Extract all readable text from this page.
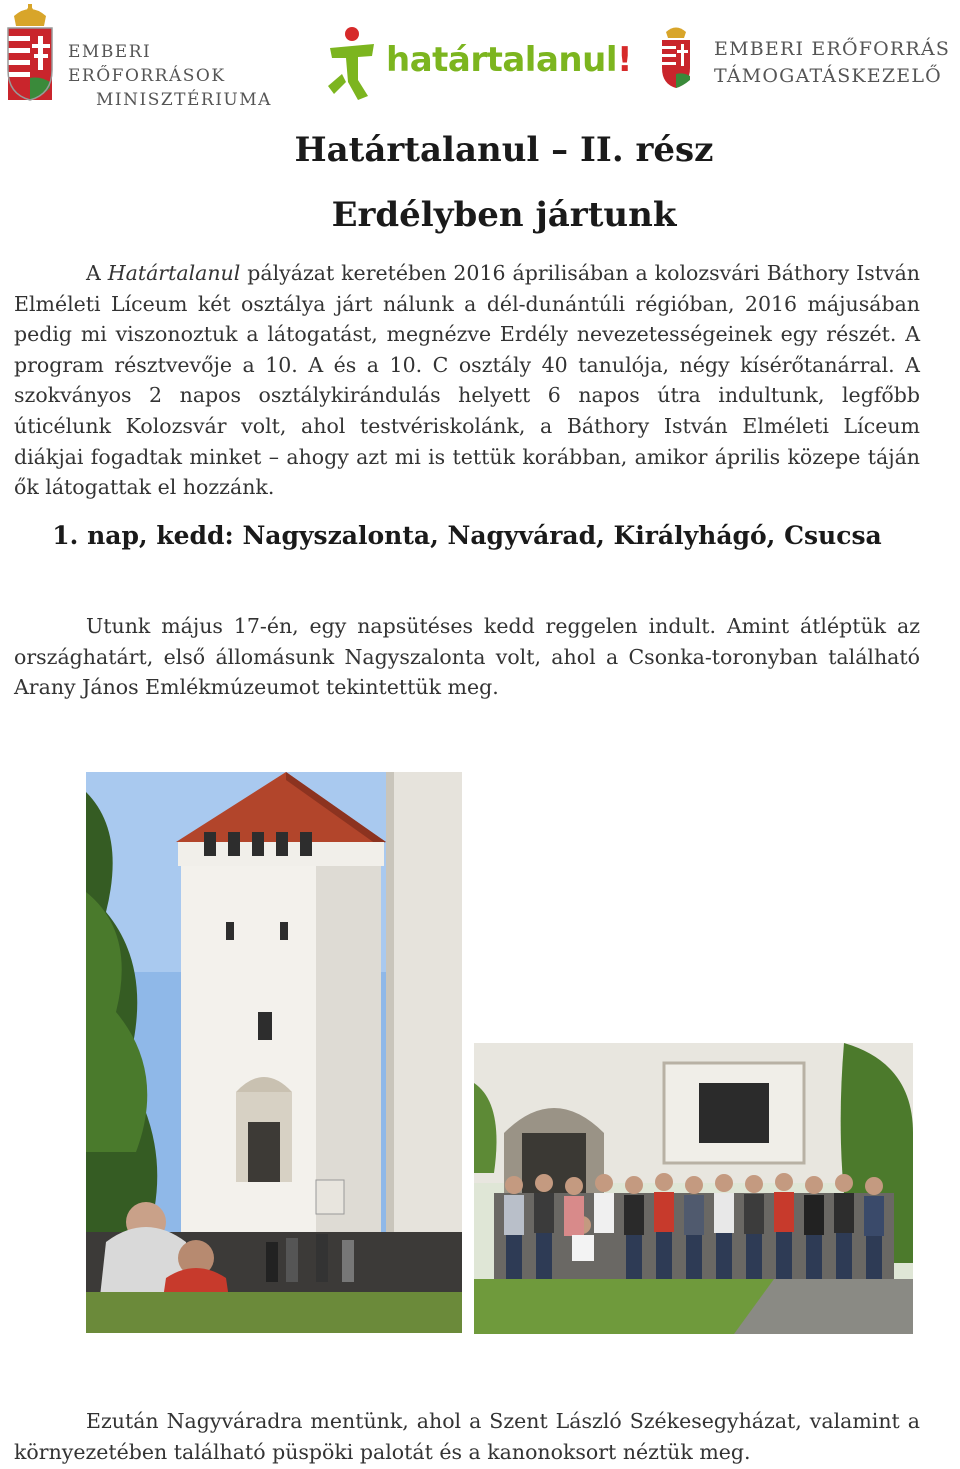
EMBERI ERŐFORRÁSOK
MINISZTÉRIUMA
határtalanul!	EMBERI ERŐFORRÁS
TÁMOGATÁSKEZELŐ
Határtalanul – II. rész
Erdélyben jártunk

A Határtalanul pályázat keretében 2016 áprilisában a kolozsvári Báthory István Elméleti Líceum két osztálya járt nálunk a dél-dunántúli régióban, 2016 májusában pedig mi viszonoztuk a látogatást, megnézve Erdély nevezetességeinek egy részét. A program résztvevője a 10. A és a 10. C osztály 40 tanulója, négy kísérőtanárral. A szokványos 2 napos osztálykirándulás helyett 6 napos útra indultunk, legfőbb úticélunk Kolozsvár volt, ahol testvériskolánk, a Báthory István Elméleti Líceum diákjai fogadtak minket – ahogy azt mi is tettük korábban, amikor április közepe táján ők látogattak el hozzánk.

1. nap, kedd: Nagyszalonta, Nagyvárad, Királyhágó, Csucsa

Utunk május 17-én, egy napsütéses kedd reggelen indult. Amint átléptük az országhatárt, első állomásunk Nagyszalonta volt, ahol a Csonka-toronyban található Arany János Emlékmúzeumot tekintettük meg.

Ezután Nagyváradra mentünk, ahol a Szent László Székesegyházat, valamint a környezetében található püspöki palotát és a kanonoksort néztük meg.
